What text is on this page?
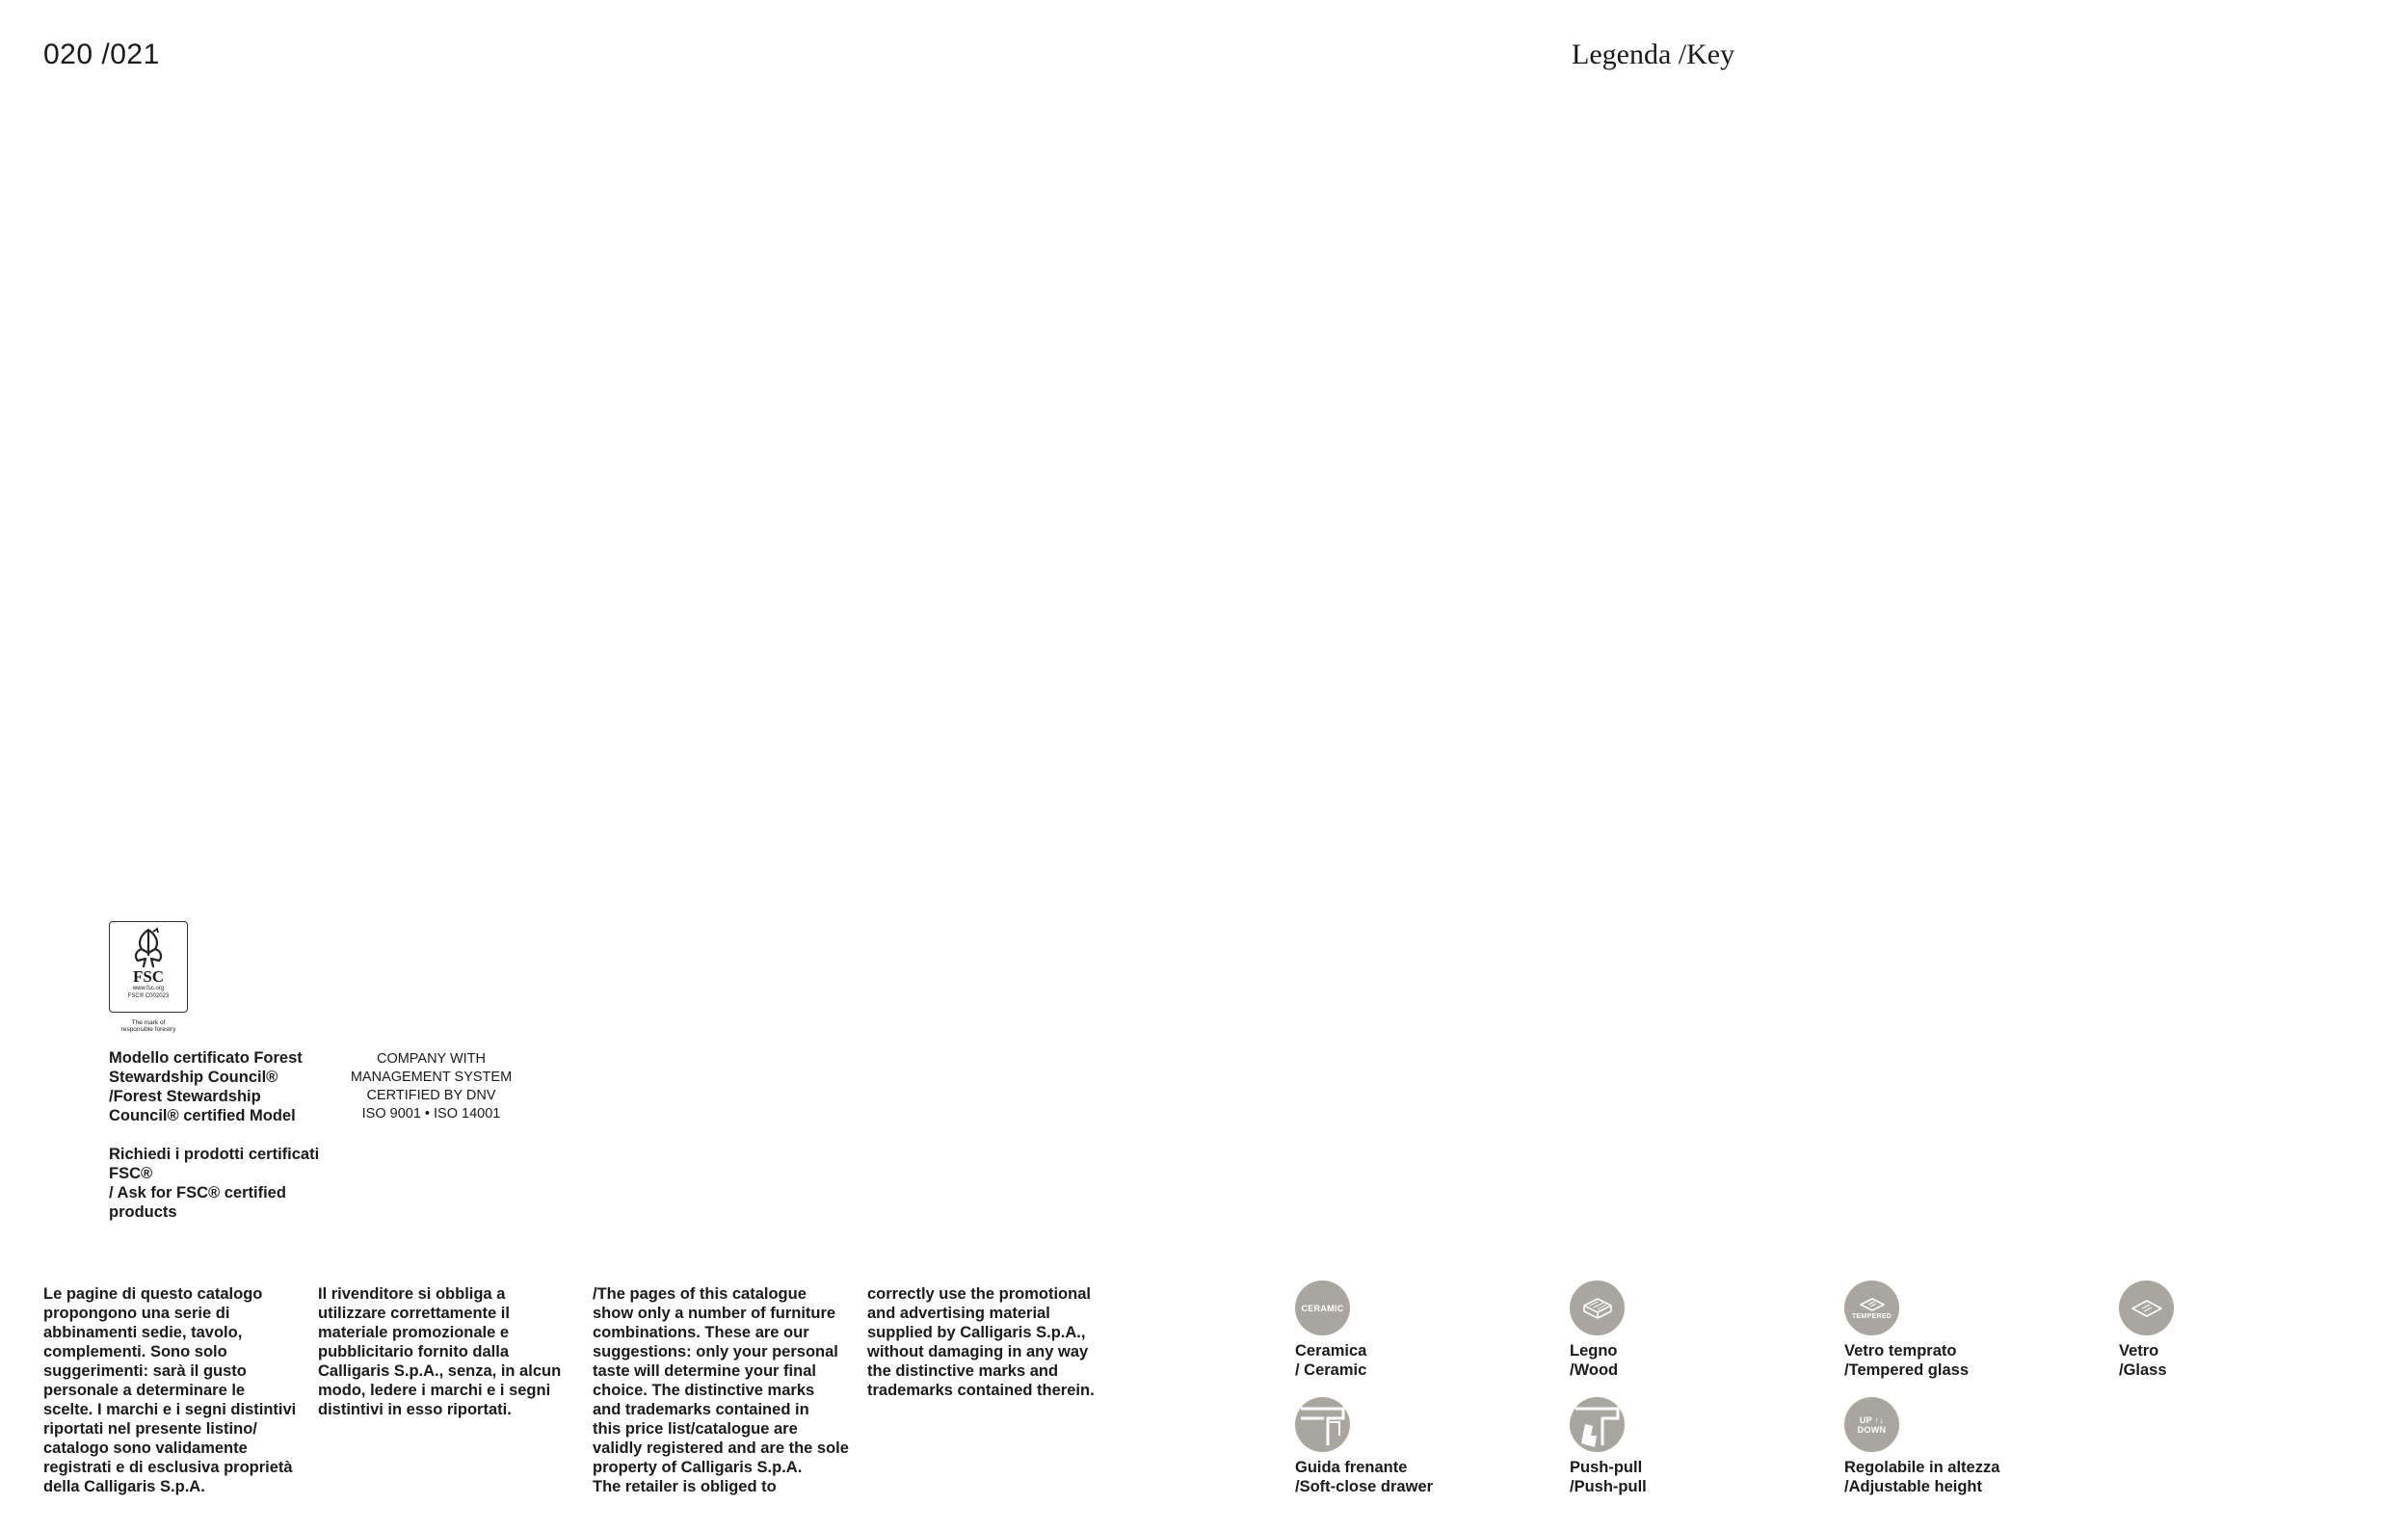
020 /021	Legenda /Key
FSC
www.fsc.org
FSC® C002023
The mark of
responsible forestry

Modello certificato Forest
Stewardship Council®
/Forest Stewardship
Council® certified Model

Richiedi i prodotti certificati
FSC®
/ Ask for FSC® certified
products

COMPANY WITH
MANAGEMENT SYSTEM
CERTIFIED BY DNV
ISO 9001 • ISO 14001
Le pagine di questo catalogo
propongono una serie di
abbinamenti sedie, tavolo,
complementi. Sono solo
suggerimenti: sarà il gusto
personale a determinare le
scelte. I marchi e i segni distintivi
riportati nel presente listino/
catalogo sono validamente
registrati e di esclusiva proprietà
della Calligaris S.p.A.
Il rivenditore si obbliga a
utilizzare correttamente il
materiale promozionale e
pubblicitario fornito dalla
Calligaris S.p.A., senza, in alcun
modo, ledere i marchi e i segni
distintivi in esso riportati.
/The pages of this catalogue
show only a number of furniture
combinations. These are our
suggestions: only your personal
taste will determine your final
choice. The distinctive marks
and trademarks contained in
this price list/catalogue are
validly registered and are the sole
property of Calligaris S.p.A.
The retailer is obliged to
correctly use the promotional
and advertising material
supplied by Calligaris S.p.A.,
without damaging in any way
the distinctive marks and
trademarks contained therein.
CERAMIC
Ceramica
/ Ceramic
Legno
/Wood
TEMPERED
Vetro temprato
/Tempered glass
Vetro
/Glass
Guida frenante
/Soft-close drawer
Push-pull
/Push-pull
UP ↑↓
DOWN
Regolabile in altezza
/Adjustable height
